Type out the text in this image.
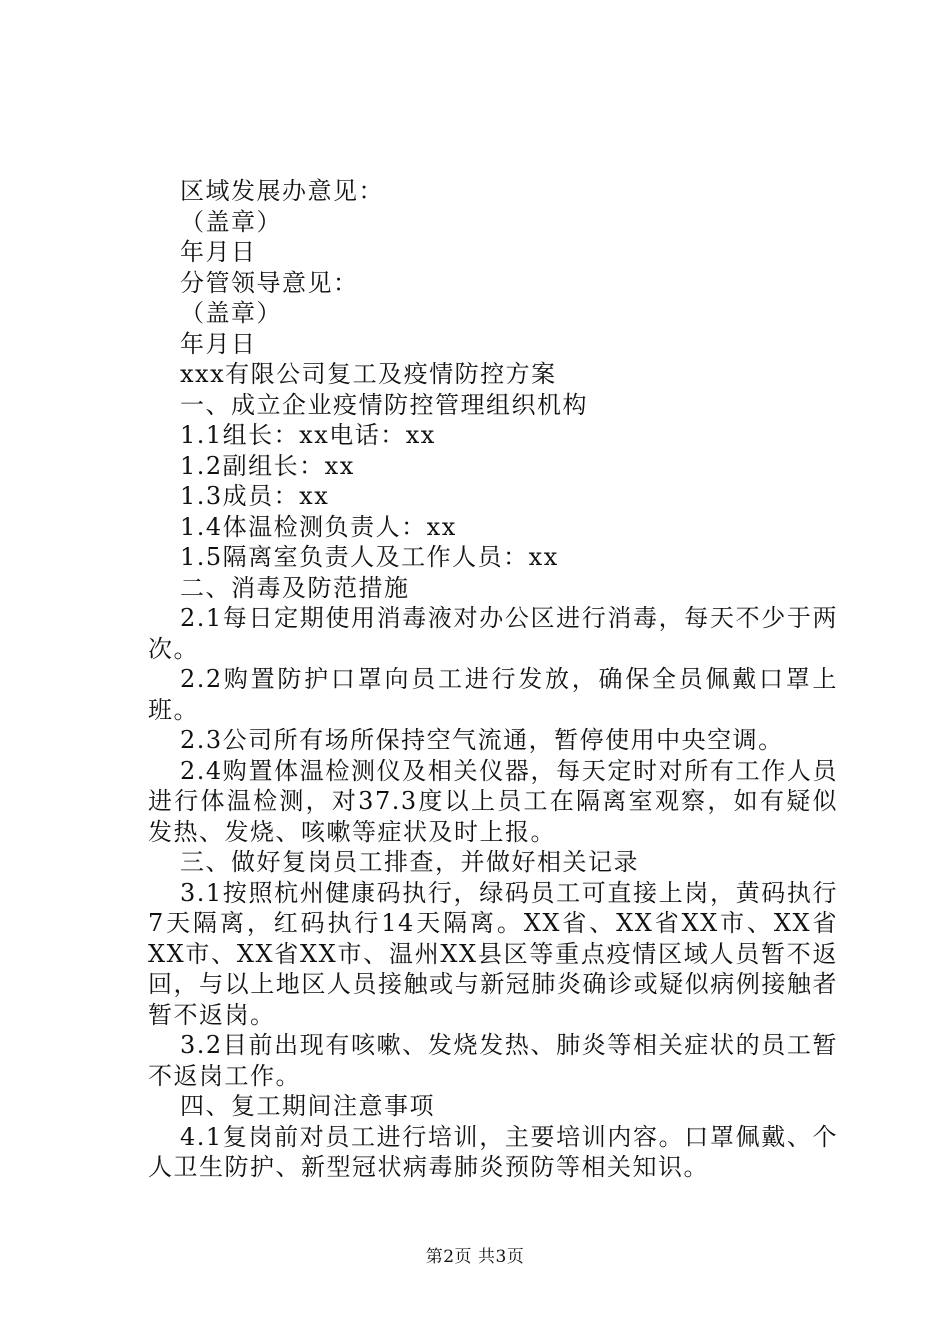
区域发展办意见：
（盖章）
年月日
分管领导意见：
（盖章）
年月日
xxx有限公司复工及疫情防控方案
一、成立企业疫情防控管理组织机构
1.1组长：xx电话：xx
1.2副组长：xx
1.3成员：xx
1.4体温检测负责人：xx
1.5隔离室负责人及工作人员：xx
二、消毒及防范措施

2.1每日定期使用消毒液对办公区进行消毒，每天不少于两次。

2.2购置防护口罩向员工进行发放，确保全员佩戴口罩上班。

2.3公司所有场所保持空气流通，暂停使用中央空调。

2.4购置体温检测仪及相关仪器，每天定时对所有工作人员进行体温检测，对37.3度以上员工在隔离室观察，如有疑似发热、发烧、咳嗽等症状及时上报。

三、做好复岗员工排查，并做好相关记录

3.1按照杭州健康码执行，绿码员工可直接上岗，黄码执行7天隔离，红码执行14天隔离。XX省、XX省XX市、XX省XX市、XX省XX市、温州XX县区等重点疫情区域人员暂不返回，与以上地区人员接触或与新冠肺炎确诊或疑似病例接触者暂不返岗。

3.2目前出现有咳嗽、发烧发热、肺炎等相关症状的员工暂不返岗工作。

四、复工期间注意事项

4.1复岗前对员工进行培训，主要培训内容。口罩佩戴、个人卫生防护、新型冠状病毒肺炎预防等相关知识。

第2页 共3页
